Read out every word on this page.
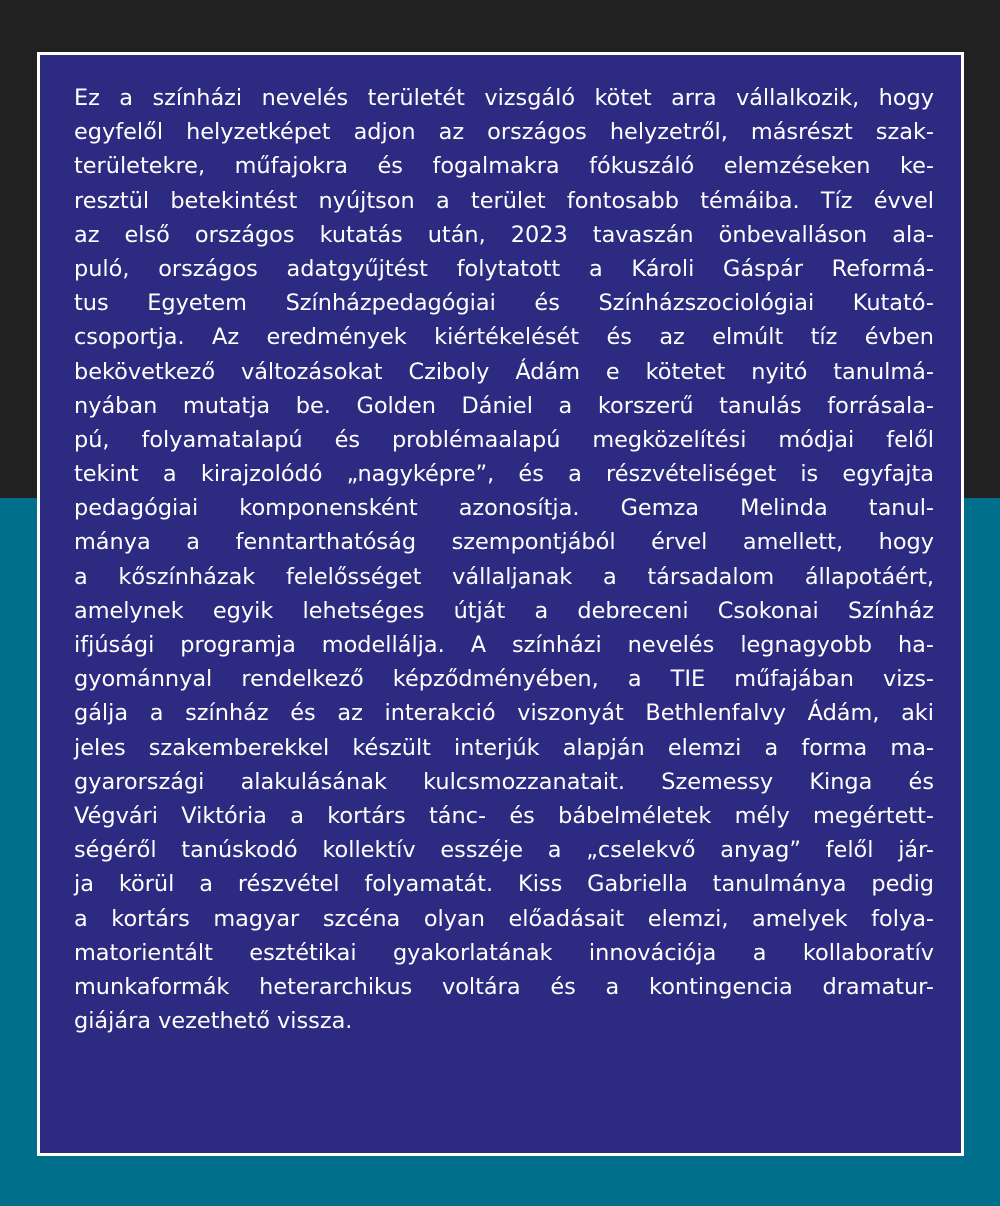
Ez a színházi nevelés területét vizsgáló kötet arra vállalkozik, hogy
egyfelől helyzetképet adjon az országos helyzetről, másrészt szak-
területekre, műfajokra és fogalmakra fókuszáló elemzéseken ke-
resztül betekintést nyújtson a terület fontosabb témáiba. Tíz évvel
az első országos kutatás után, 2023 tavaszán önbevalláson ala-
puló, országos adatgyűjtést folytatott a Károli Gáspár Reformá-
tus Egyetem Színházpedagógiai és Színházszociológiai Kutató-
csoportja. Az eredmények kiértékelését és az elmúlt tíz évben
bekövetkező változásokat Cziboly Ádám e kötetet nyitó tanulmá-
nyában mutatja be. Golden Dániel a korszerű tanulás forrásala-
pú, folyamatalapú és problémaalapú megközelítési módjai felől
tekint a kirajzolódó „nagyképre”, és a részvételiséget is egyfajta
pedagógiai komponensként azonosítja. Gemza Melinda tanul-
mánya a fenntarthatóság szempontjából érvel amellett, hogy
a kőszínházak felelősséget vállaljanak a társadalom állapotáért,
amelynek egyik lehetséges útját a debreceni Csokonai Színház
ifjúsági programja modellálja. A színházi nevelés legnagyobb ha-
gyománnyal rendelkező képződményében, a TIE műfajában vizs-
gálja a színház és az interakció viszonyát Bethlenfalvy Ádám, aki
jeles szakemberekkel készült interjúk alapján elemzi a forma ma-
gyarországi alakulásának kulcsmozzanatait. Szemessy Kinga és
Végvári Viktória a kortárs tánc- és bábelméletek mély megértett-
ségéről tanúskodó kollektív esszéje a „cselekvő anyag” felől jár-
ja körül a részvétel folyamatát. Kiss Gabriella tanulmánya pedig
a kortárs magyar szcéna olyan előadásait elemzi, amelyek folya-
matorientált esztétikai gyakorlatának innovációja a kollaboratív
munkaformák heterarchikus voltára és a kontingencia dramatur-
giájára vezethető vissza.
